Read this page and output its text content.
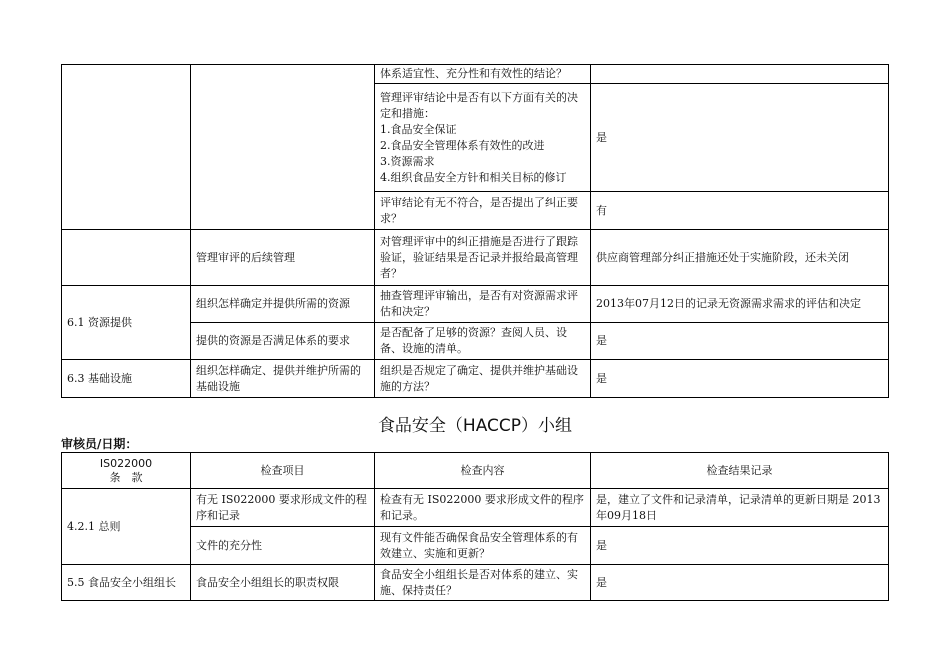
		体系适宜性、充分性和有效性的结论？	
		管理评审结论中是否有以下方面有关的决定和措施：
1.食品安全保证
2.食品安全管理体系有效性的改进
3.资源需求
4.组织食品安全方针和相关目标的修订	是
		评审结论有无不符合，是否提出了纠正要求？	有
	管理审评的后续管理	对管理评审中的纠正措施是否进行了跟踪验证，验证结果是否记录并报给最高管理者？	供应商管理部分纠正措施还处于实施阶段，还未关闭
6.1 资源提供	组织怎样确定并提供所需的资源	抽查管理评审输出，是否有对资源需求评估和决定？	2013年07月12日的记录无资源需求需求的评估和决定
	提供的资源是否满足体系的要求	是否配备了足够的资源？查阅人员、设备、设施的清单。	是
6.3 基础设施	组织怎样确定、提供并维护所需的基础设施	组织是否规定了确定、提供并维护基础设施的方法？	是
食品安全（HACCP）小组
审核员/日期：
IS022000
条　款	检查项目	检查内容	检查结果记录
4.2.1 总则	有无 IS022000 要求形成文件的程序和记录	检查有无 IS022000 要求形成文件的程序和记录。	是，建立了文件和记录清单，记录清单的更新日期是 2013年09月18日
	文件的充分性	现有文件能否确保食品安全管理体系的有效建立、实施和更新？	是
5.5 食品安全小组组长	食品安全小组组长的职责权限	食品安全小组组长是否对体系的建立、实施、保持责任？	是
